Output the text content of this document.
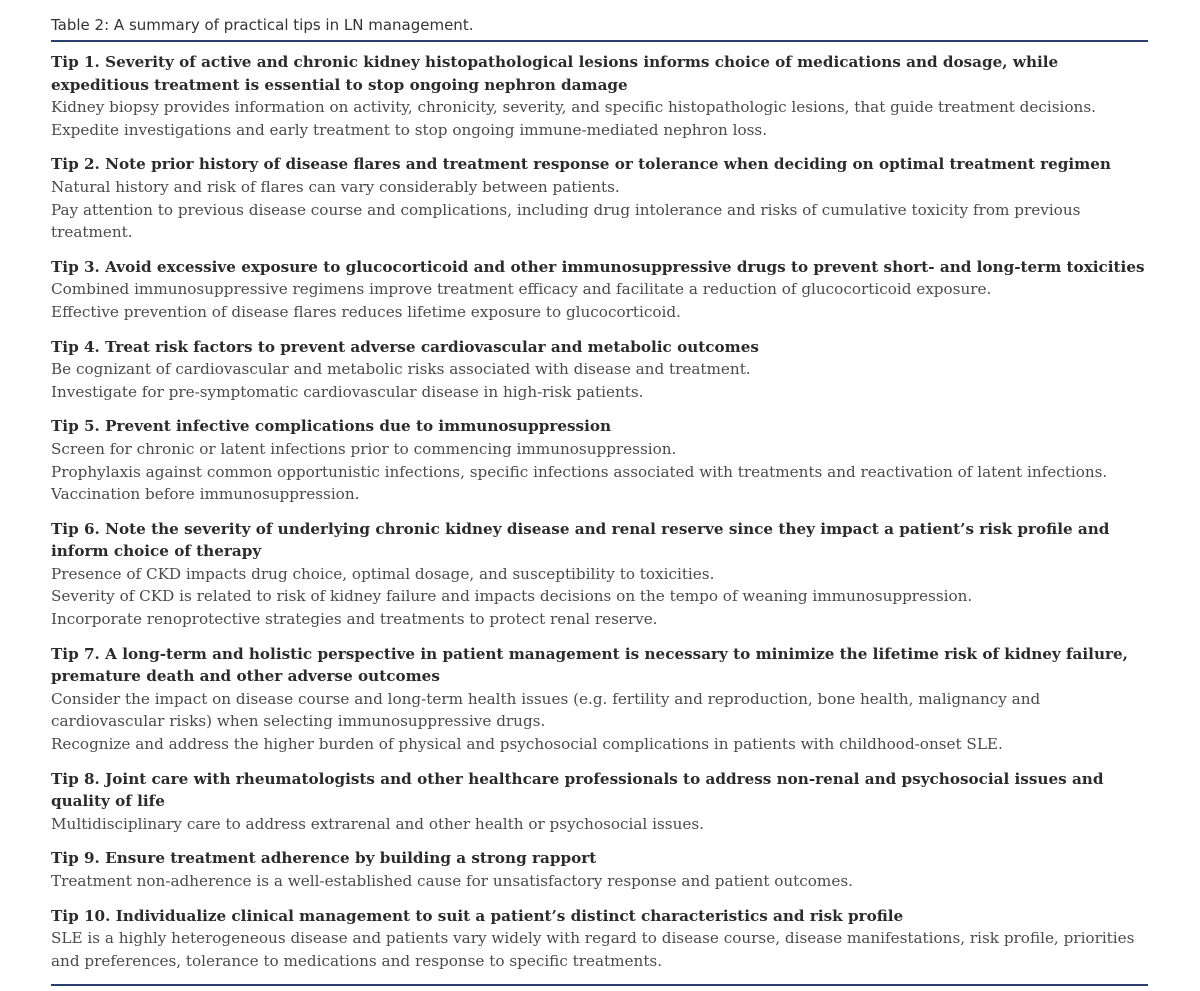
Table 2: A summary of practical tips in LN management.

Tip 1. Severity of active and chronic kidney histopathological lesions informs choice of medications and dosage, while expeditious treatment is essential to stop ongoing nephron damage

Kidney biopsy provides information on activity, chronicity, severity, and specific histopathologic lesions, that guide treatment decisions.

Expedite investigations and early treatment to stop ongoing immune-mediated nephron loss.

Tip 2. Note prior history of disease flares and treatment response or tolerance when deciding on optimal treatment regimen

Natural history and risk of flares can vary considerably between patients.

Pay attention to previous disease course and complications, including drug intolerance and risks of cumulative toxicity from previous treatment.

Tip 3. Avoid excessive exposure to glucocorticoid and other immunosuppressive drugs to prevent short- and long-term toxicities

Combined immunosuppressive regimens improve treatment efficacy and facilitate a reduction of glucocorticoid exposure.

Effective prevention of disease flares reduces lifetime exposure to glucocorticoid.

Tip 4. Treat risk factors to prevent adverse cardiovascular and metabolic outcomes

Be cognizant of cardiovascular and metabolic risks associated with disease and treatment.

Investigate for pre-symptomatic cardiovascular disease in high-risk patients.

Tip 5. Prevent infective complications due to immunosuppression

Screen for chronic or latent infections prior to commencing immunosuppression.

Prophylaxis against common opportunistic infections, specific infections associated with treatments and reactivation of latent infections.

Vaccination before immunosuppression.

Tip 6. Note the severity of underlying chronic kidney disease and renal reserve since they impact a patient’s risk profile and inform choice of therapy

Presence of CKD impacts drug choice, optimal dosage, and susceptibility to toxicities.

Severity of CKD is related to risk of kidney failure and impacts decisions on the tempo of weaning immunosuppression.

Incorporate renoprotective strategies and treatments to protect renal reserve.

Tip 7. A long-term and holistic perspective in patient management is necessary to minimize the lifetime risk of kidney failure, premature death and other adverse outcomes

Consider the impact on disease course and long-term health issues (e.g. fertility and reproduction, bone health, malignancy and cardiovascular risks) when selecting immunosuppressive drugs.

Recognize and address the higher burden of physical and psychosocial complications in patients with childhood-onset SLE.

Tip 8. Joint care with rheumatologists and other healthcare professionals to address non-renal and psychosocial issues and quality of life

Multidisciplinary care to address extrarenal and other health or psychosocial issues.

Tip 9. Ensure treatment adherence by building a strong rapport

Treatment non-adherence is a well-established cause for unsatisfactory response and patient outcomes.

Tip 10. Individualize clinical management to suit a patient’s distinct characteristics and risk profile

SLE is a highly heterogeneous disease and patients vary widely with regard to disease course, disease manifestations, risk profile, priorities and preferences, tolerance to medications and response to specific treatments.
